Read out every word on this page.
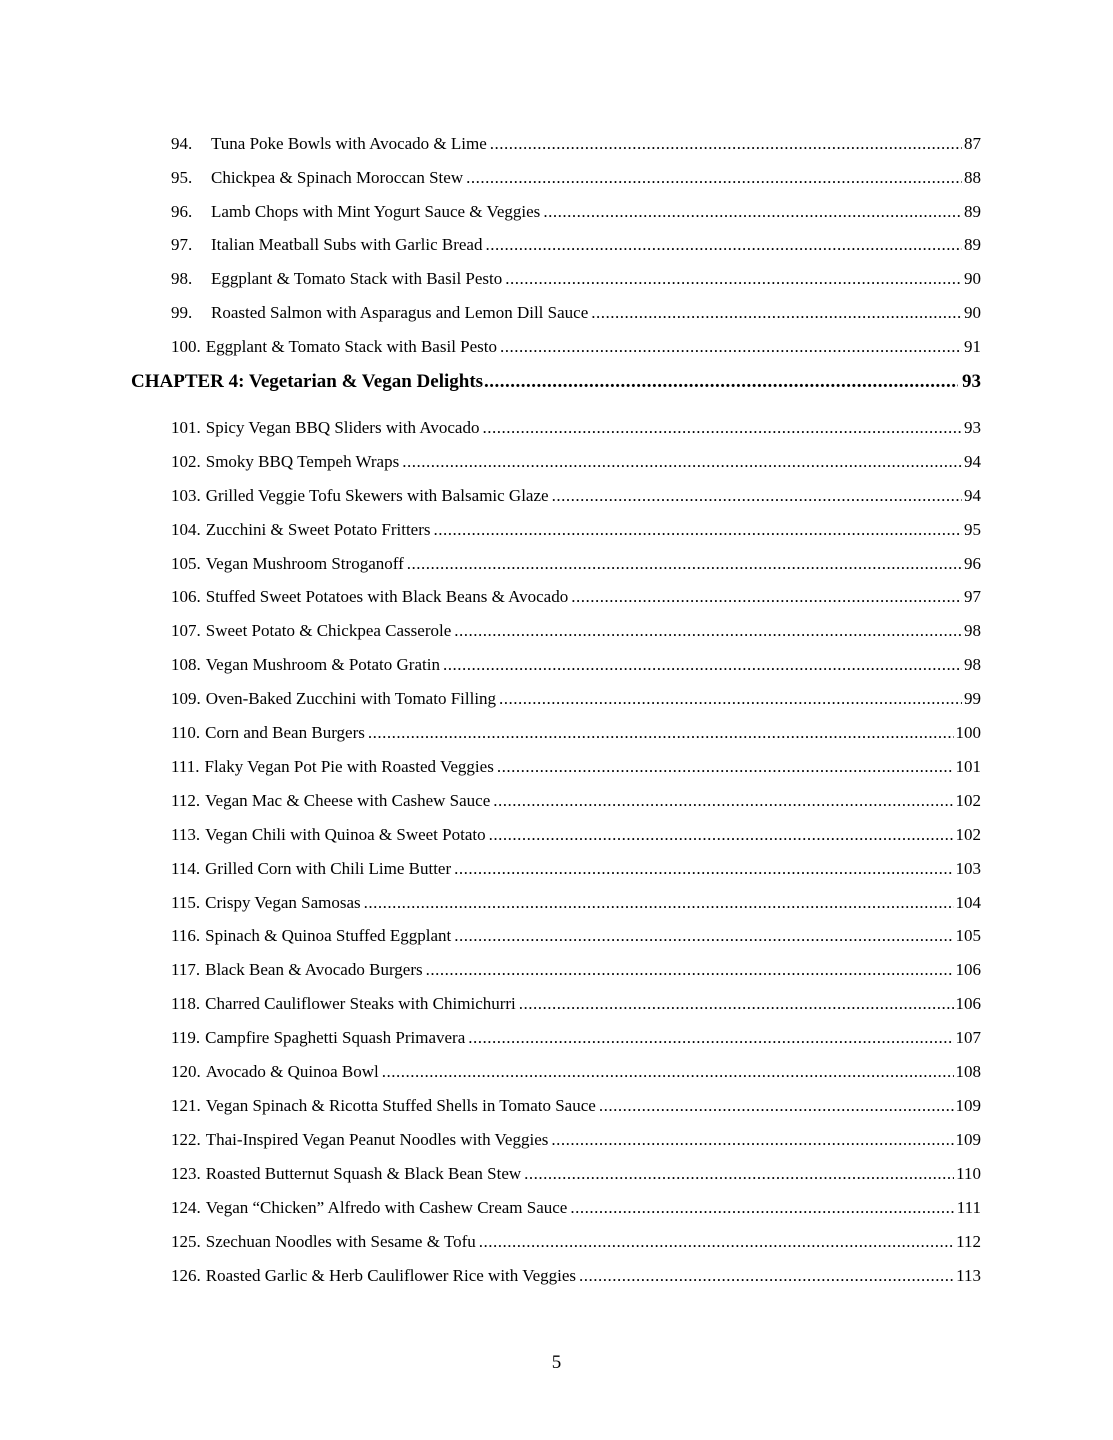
94.	Tuna Poke Bowls with Avocado & Lime .....	87
95.	Chickpea & Spinach Moroccan Stew .....	88
96.	Lamb Chops with Mint Yogurt Sauce & Veggies .....	89
97.	Italian Meatball Subs with Garlic Bread .....	89
98.	Eggplant & Tomato Stack with Basil Pesto .....	90
99.	Roasted Salmon with Asparagus and Lemon Dill Sauce .....	90
100. Eggplant & Tomato Stack with Basil Pesto .....	91
CHAPTER 4: Vegetarian & Vegan Delights .....	93
101. Spicy Vegan BBQ Sliders with Avocado .....	93
102. Smoky BBQ Tempeh Wraps .....	94
103. Grilled Veggie Tofu Skewers with Balsamic Glaze .....	94
104. Zucchini & Sweet Potato Fritters .....	95
105. Vegan Mushroom Stroganoff .....	96
106. Stuffed Sweet Potatoes with Black Beans & Avocado .....	97
107. Sweet Potato & Chickpea Casserole .....	98
108. Vegan Mushroom & Potato Gratin .....	98
109. Oven-Baked Zucchini with Tomato Filling .....	99
110. Corn and Bean Burgers .....	100
111. Flaky Vegan Pot Pie with Roasted Veggies .....	101
112. Vegan Mac & Cheese with Cashew Sauce .....	102
113. Vegan Chili with Quinoa & Sweet Potato .....	102
114. Grilled Corn with Chili Lime Butter .....	103
115. Crispy Vegan Samosas .....	104
116. Spinach & Quinoa Stuffed Eggplant .....	105
117. Black Bean & Avocado Burgers .....	106
118. Charred Cauliflower Steaks with Chimichurri .....	106
119. Campfire Spaghetti Squash Primavera .....	107
120. Avocado & Quinoa Bowl .....	108
121. Vegan Spinach & Ricotta Stuffed Shells in Tomato Sauce .....	109
122. Thai-Inspired Vegan Peanut Noodles with Veggies .....	109
123. Roasted Butternut Squash & Black Bean Stew .....	110
124. Vegan “Chicken” Alfredo with Cashew Cream Sauce .....	111
125. Szechuan Noodles with Sesame & Tofu .....	112
126. Roasted Garlic & Herb Cauliflower Rice with Veggies .....	113
5
